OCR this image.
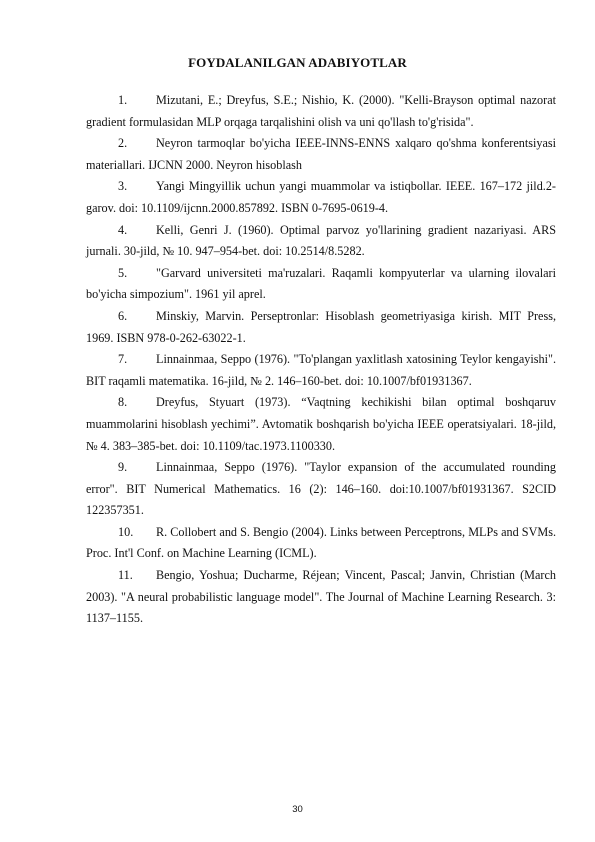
FOYDALANILGAN ADABIYOTLAR

1. Mizutani, E.; Dreyfus, S.E.; Nishio, K. (2000). "Kelli-Brayson optimal nazorat gradient formulasidan MLP orqaga tarqalishini olish va uni qo'llash to'g'risida".

2. Neyron tarmoqlar bo'yicha IEEE-INNS-ENNS xalqaro qo'shma konferentsiyasi materiallari. IJCNN 2000. Neyron hisoblash

3. Yangi Mingyillik uchun yangi muammolar va istiqbollar. IEEE. 167–172 jild.2-garov. doi: 10.1109/ijcnn.2000.857892. ISBN 0-7695-0619-4.

4. Kelli, Genri J. (1960). Optimal parvoz yo'llarining gradient nazariyasi. ARS jurnali. 30-jild, № 10. 947–954-bet. doi: 10.2514/8.5282.

5. "Garvard universiteti ma'ruzalari. Raqamli kompyuterlar va ularning ilovalari bo'yicha simpozium". 1961 yil aprel.

6. Minskiy, Marvin. Perseptronlar: Hisoblash geometriyasiga kirish. MIT Press, 1969. ISBN 978-0-262-63022-1.

7. Linnainmaa, Seppo (1976). "To'plangan yaxlitlash xatosining Teylor kengayishi". BIT raqamli matematika. 16-jild, № 2. 146–160-bet. doi: 10.1007/bf01931367.

8. Dreyfus, Styuart (1973). “Vaqtning kechikishi bilan optimal boshqaruv muammolarini hisoblash yechimi”. Avtomatik boshqarish bo'yicha IEEE operatsiyalari. 18-jild, № 4. 383–385-bet. doi: 10.1109/tac.1973.1100330.

9. Linnainmaa, Seppo (1976). "Taylor expansion of the accumulated rounding error". BIT Numerical Mathematics. 16 (2): 146–160. doi:10.1007/bf01931367. S2CID 122357351.

10. R. Collobert and S. Bengio (2004). Links between Perceptrons, MLPs and SVMs. Proc. Int'l Conf. on Machine Learning (ICML).

11. Bengio, Yoshua; Ducharme, Réjean; Vincent, Pascal; Janvin, Christian (March 2003). "A neural probabilistic language model". The Journal of Machine Learning Research. 3: 1137–1155.

30
